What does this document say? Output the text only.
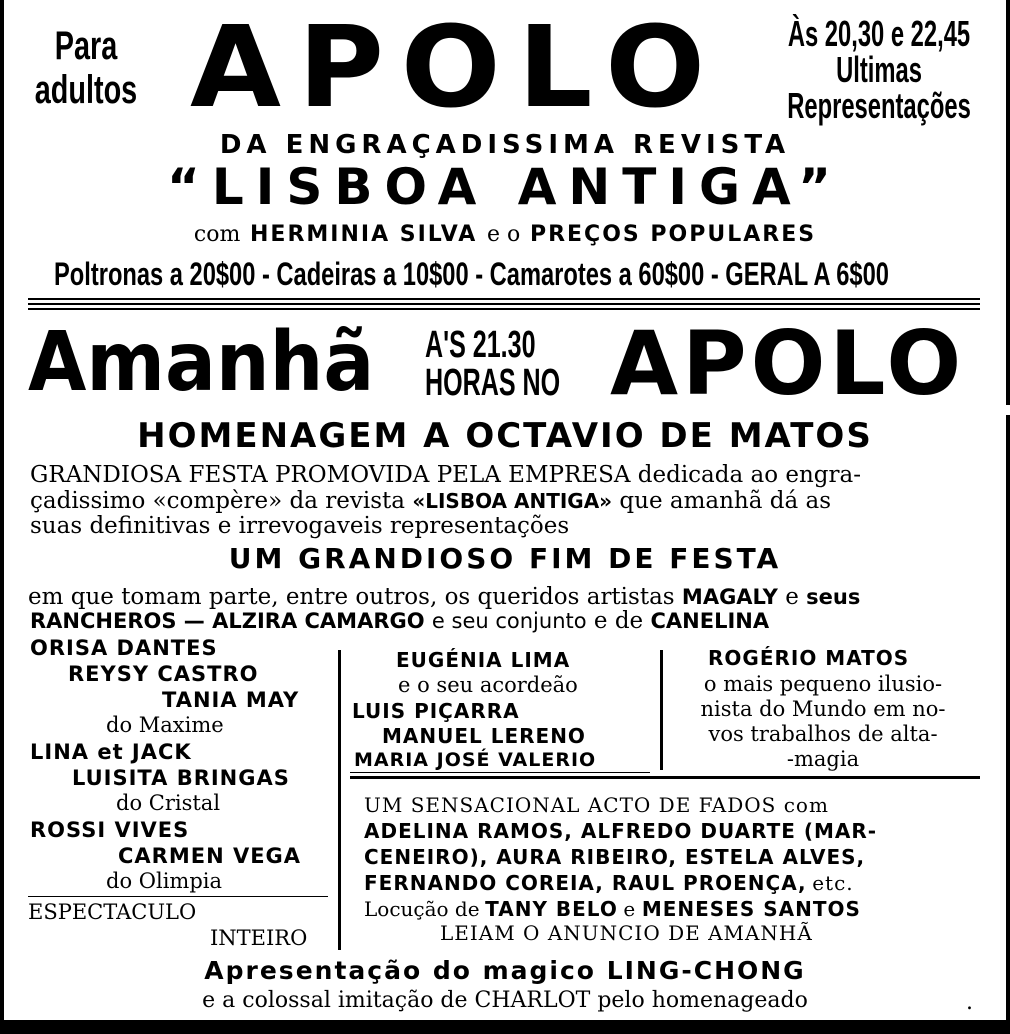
Para
adultos APOLO Às 20,30 e 22,45
Ultimas
Representações
DA ENGRAÇADISSIMA REVISTA
“LISBOA ANTIGA”
com HERMINIA SILVA e o PREÇOS POPULARES
Poltronas a 20$00 - Cadeiras a 10$00 - Camarotes a 60$00 - GERAL A 6$00
Amanhã A'S 21.30
HORAS NO APOLO
HOMENAGEM A OCTAVIO DE MATOS
GRANDIOSA FESTA PROMOVIDA PELA EMPRESA dedicada ao engra-
çadissimo «compère» da revista «LISBOA ANTIGA» que amanhã dá as
suas definitivas e irrevogaveis representações
UM GRANDIOSO FIM DE FESTA
em que tomam parte, entre outros, os queridos artistas MAGALY e seus
RANCHEROS — ALZIRA CAMARGO e seu conjunto e de CANELINA
ORISA DANTES
REYSY CASTRO
TANIA MAY
do Maxime
LINA et JACK
LUISITA BRINGAS
do Cristal
ROSSI VIVES
CARMEN VEGA
do Olimpia
ESPECTACULO
INTEIRO
EUGÉNIA LIMA
e o seu acordeão
LUIS PIÇARRA
MANUEL LERENO
MARIA JOSÉ VALERIO
ROGÉRIO MATOS
o mais pequeno ilusio-
nista do Mundo em no-
vos trabalhos de alta-
-magia
UM SENSACIONAL ACTO DE FADOS com
ADELINA RAMOS, ALFREDO DUARTE (MAR-
CENEIRO), AURA RIBEIRO, ESTELA ALVES,
FERNANDO COREIA, RAUL PROENÇA, etc.
Locução de TANY BELO e MENESES SANTOS
LEIAM O ANUNCIO DE AMANHÃ
Apresentação do magico LING-CHONG
e a colossal imitação de CHARLOT pelo homenageado	.
